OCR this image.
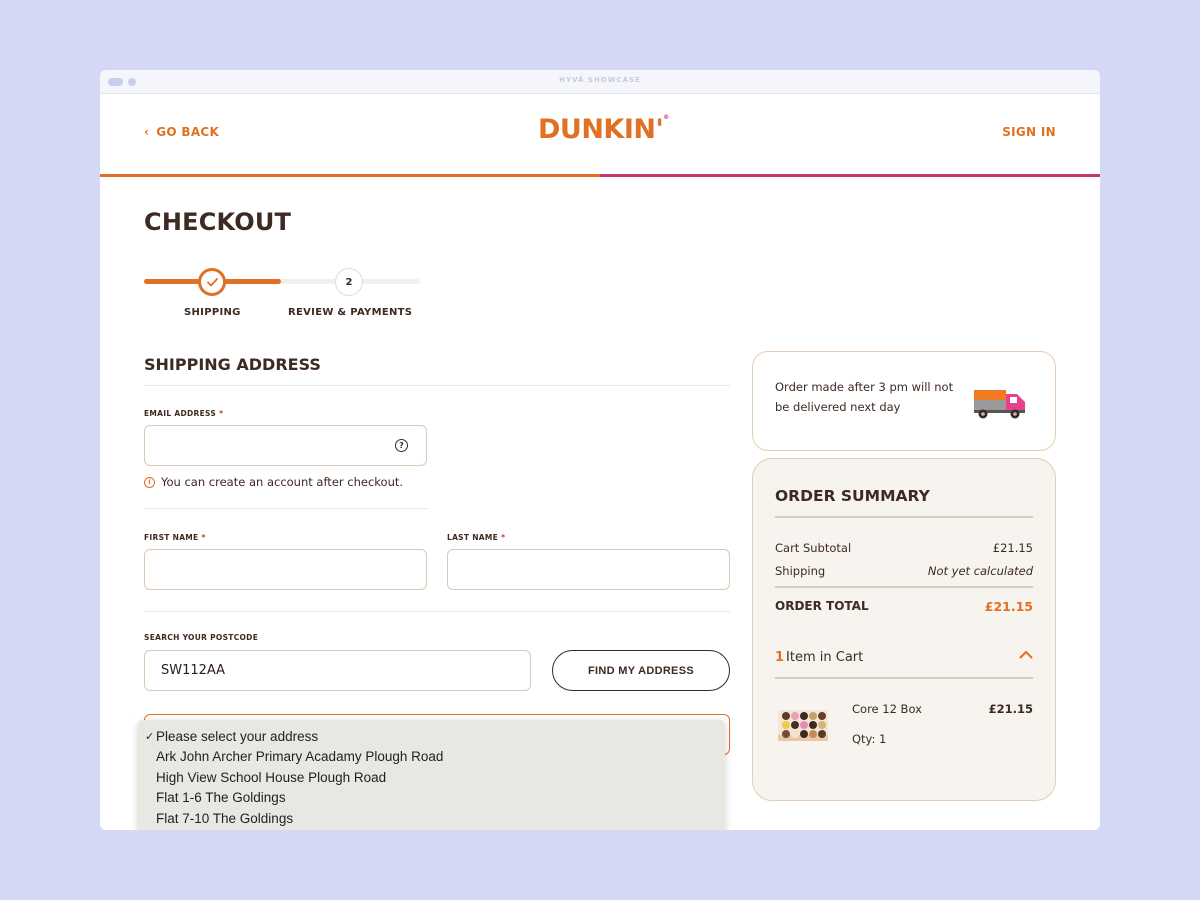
HYVÄ SHOWCASE
‹ GO BACK	DUNKIN'®
SIGN IN
CHECKOUT
2
SHIPPING	REVIEW & PAYMENTS
SHIPPING ADDRESS
EMAIL ADDRESS *
?
i You can create an account after checkout.
FIRST NAME *	LAST NAME *
SEARCH YOUR POSTCODE
SW112AA	FIND MY ADDRESS
✓ Please select your address
Ark John Archer Primary Acadamy Plough Road
High View School House Plough Road
Flat 1-6 The Goldings
Flat 7-10 The Goldings
Order made after 3 pm will not be delivered next day
ORDER SUMMARY
Cart Subtotal	£21.15
Shipping	Not yet calculated
ORDER TOTAL	£21.15
1 Item in Cart
Core 12 Box	£21.15
Qty: 1
